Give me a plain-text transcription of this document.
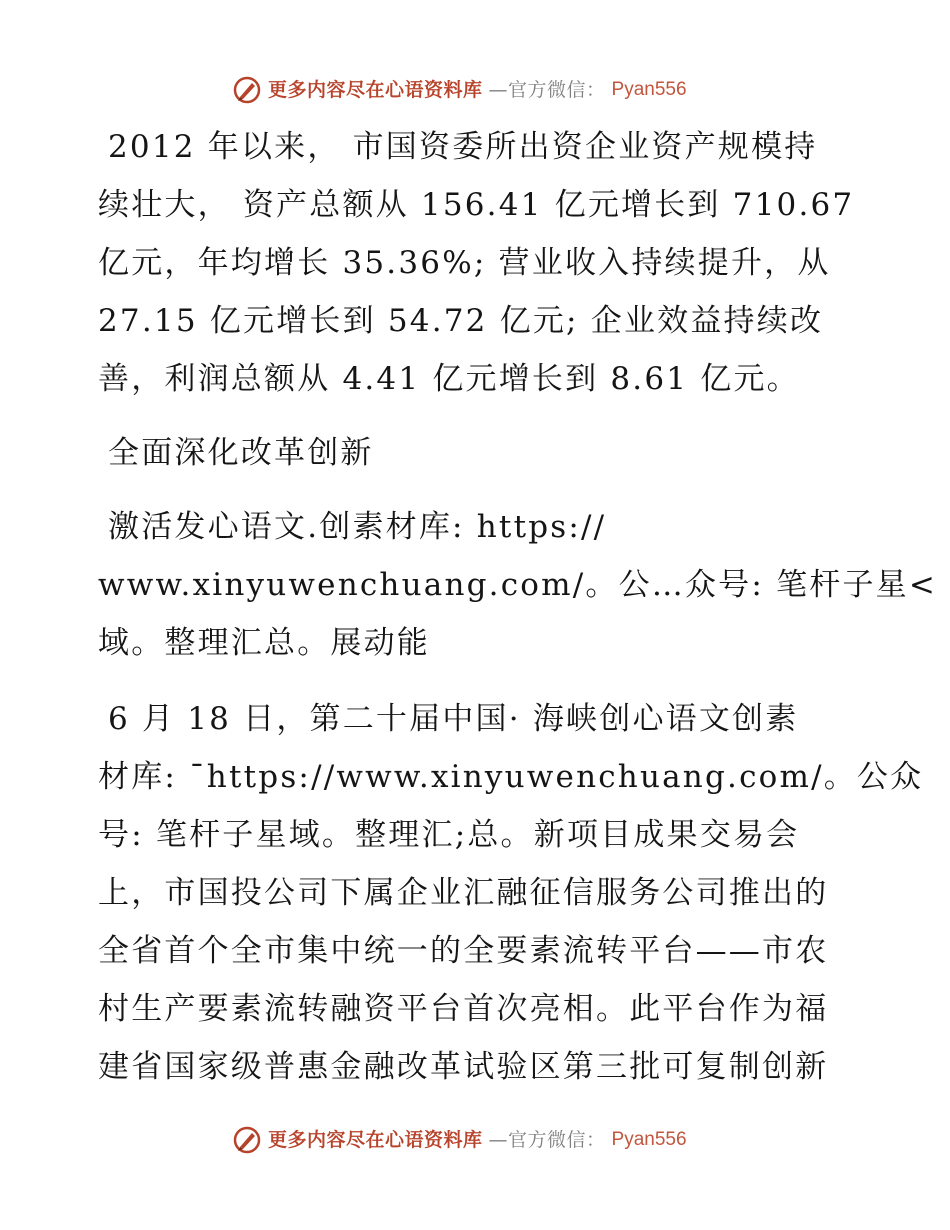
更多内容尽在心语资料库 —官方微信： Pyan556
2012 年以来， 市国资委所出资企业资产规模持
续壮大， 资产总额从 156.41 亿元增长到 710.67
亿元，年均增长 35.36%; 营业收入持续提升，从
27.15 亿元增长到 54.72 亿元; 企业效益持续改
善，利润总额从 4.41 亿元增长到 8.61 亿元。
全面深化改革创新
激活发心语文.创素材库: https://
www.xinyuwenchuang.com/。公…众号: 笔杆子星<
域。整理汇总。展动能
6 月 18 日，第二十届中国· 海峡创心语文创素
材库: ¯https://www.xinyuwenchuang.com/。公众
号: 笔杆子星域。整理汇;总。新项目成果交易会
上，市国投公司下属企业汇融征信服务公司推出的
全省首个全市集中统一的全要素流转平台——市农
村生产要素流转融资平台首次亮相。此平台作为福
建省国家级普惠金融改革试验区第三批可复制创新
更多内容尽在心语资料库 —官方微信： Pyan556
